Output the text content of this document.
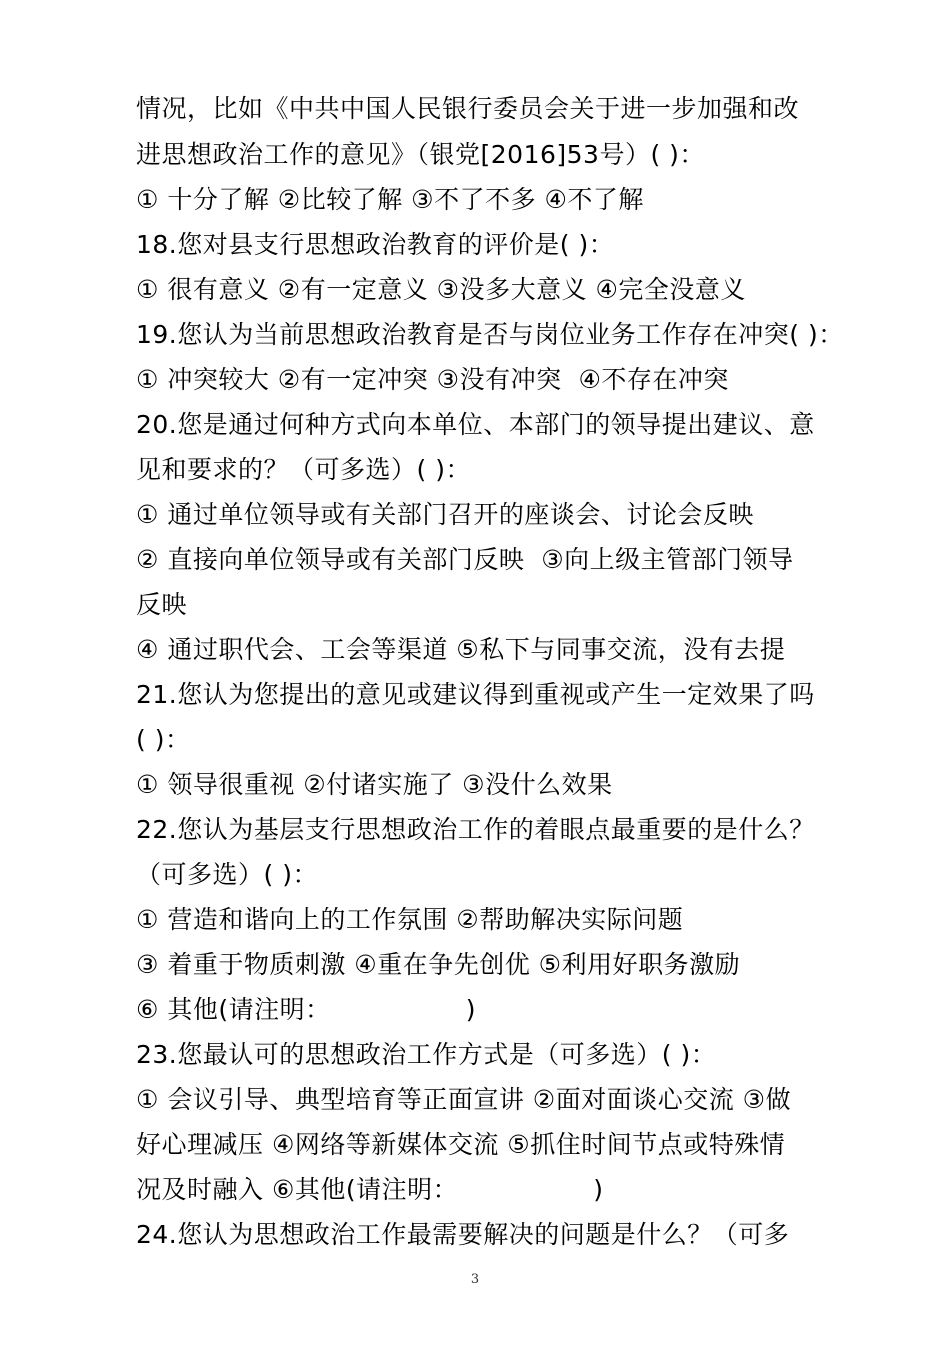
情况，比如《中共中国人民银行委员会关于进一步加强和改
进思想政治工作的意见》（银党[2016]53号）( )：
① 十分了解 ②比较了解 ③不了不多 ④不了解
18.您对县支行思想政治教育的评价是( )：
① 很有意义 ②有一定意义 ③没多大意义 ④完全没意义
19.您认为当前思想政治教育是否与岗位业务工作存在冲突( )：
① 冲突较大 ②有一定冲突 ③没有冲突  ④不存在冲突
20.您是通过何种方式向本单位、本部门的领导提出建议、意
见和要求的？（可多选）( )：
① 通过单位领导或有关部门召开的座谈会、讨论会反映
② 直接向单位领导或有关部门反映  ③向上级主管部门领导
反映
④ 通过职代会、工会等渠道 ⑤私下与同事交流，没有去提
21.您认为您提出的意见或建议得到重视或产生一定效果了吗
( )：
① 领导很重视 ②付诸实施了 ③没什么效果
22.您认为基层支行思想政治工作的着眼点最重要的是什么？
（可多选）( )：
① 营造和谐向上的工作氛围 ②帮助解决实际问题
③ 着重于物质刺激 ④重在争先创优 ⑤利用好职务激励
⑥ 其他(请注明：                )
23.您最认可的思想政治工作方式是（可多选）( )：
① 会议引导、典型培育等正面宣讲 ②面对面谈心交流 ③做
好心理减压 ④网络等新媒体交流 ⑤抓住时间节点或特殊情
况及时融入 ⑥其他(请注明：                )
24.您认为思想政治工作最需要解决的问题是什么？（可多
3
